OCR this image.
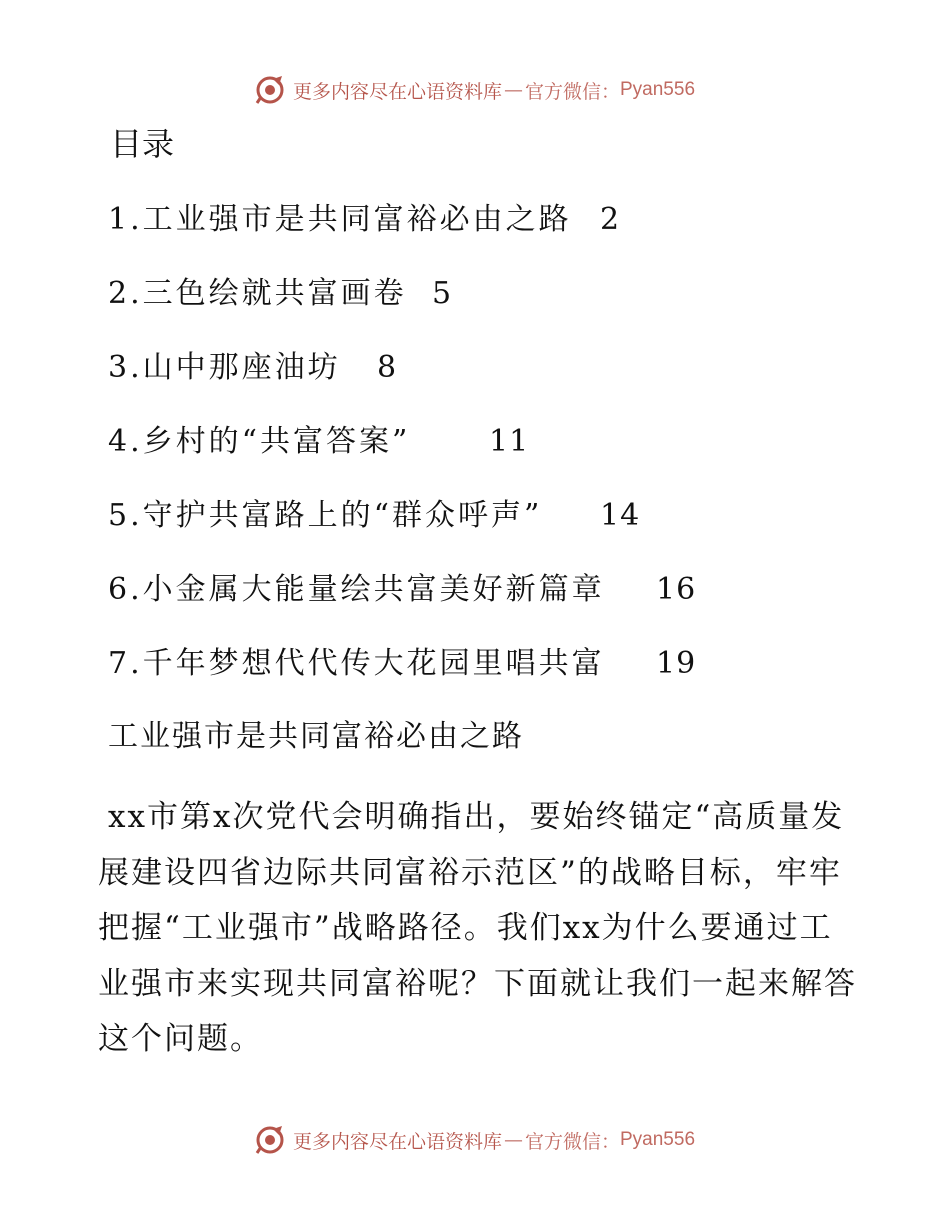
更多内容尽在心语资料库 — 官方微信： Pyan556
目录
1.工业强市是共同富裕必由之路 2
2.三色绘就共富画卷 5
3.山中那座油坊 8
4.乡村的“共富答案”	11
5.守护共富路上的“群众呼声” 14
6.小金属大能量绘共富美好新篇章 16
7.千年梦想代代传大花园里唱共富 19
工业强市是共同富裕必由之路

xx市第x次党代会明确指出，要始终锚定“高质量发展建设四省边际共同富裕示范区”的战略目标，牢牢把握“工业强市”战略路径。我们xx为什么要通过工业强市来实现共同富裕呢？下面就让我们一起来解答这个问题。

更多内容尽在心语资料库 — 官方微信： Pyan556
